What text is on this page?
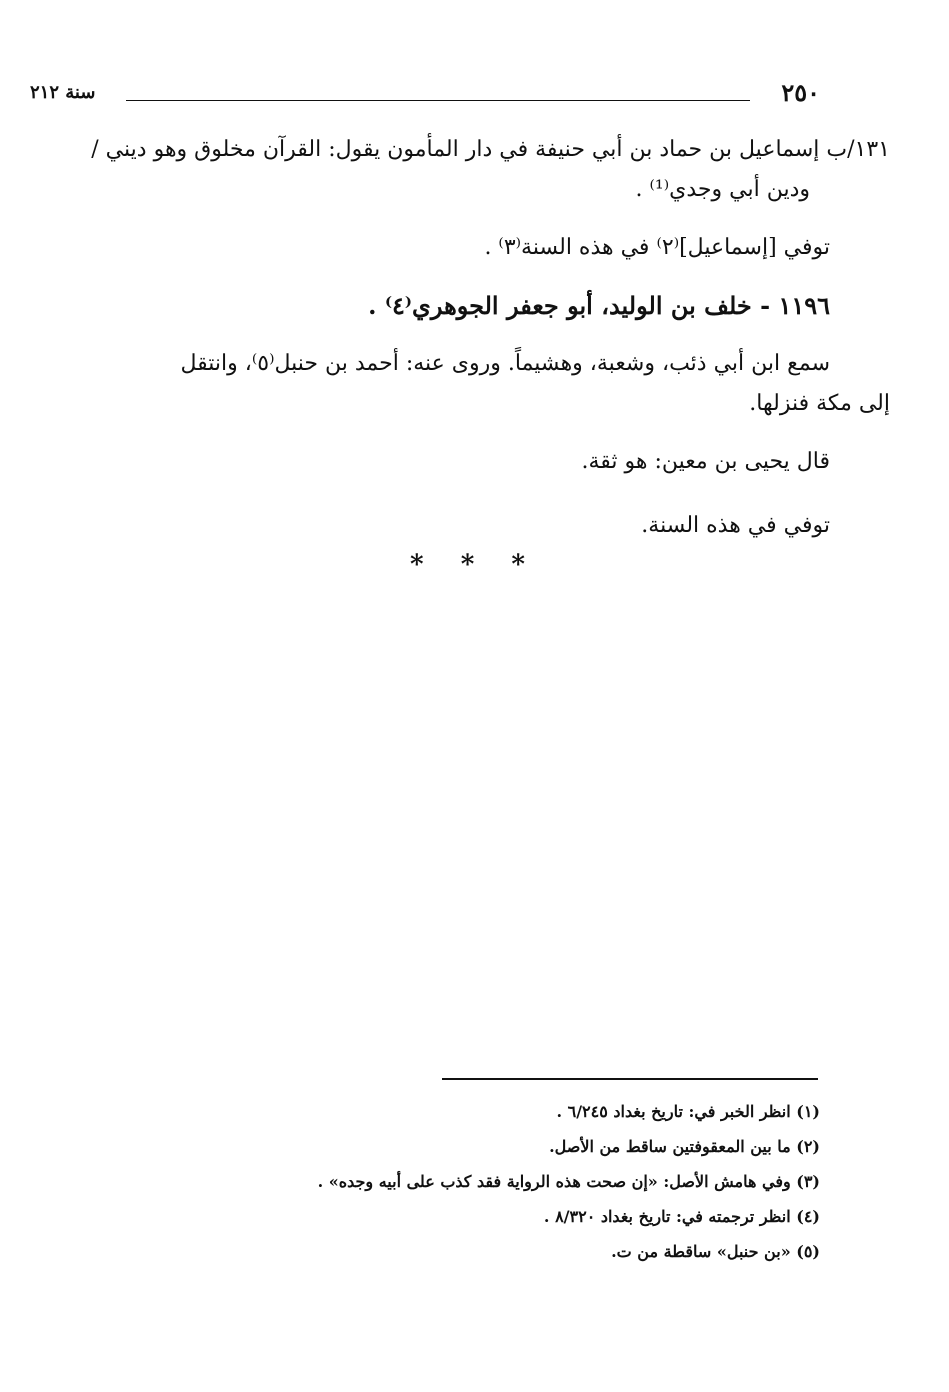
٢٥٠
سنة ٢١٢

١٣١/ب إسماعيل بن حماد بن أبي حنيفة في دار المأمون يقول: القرآن مخلوق وهو ديني /

ودين أبي وجدي⁽¹⁾ .

توفي [إسماعيل]⁽٢⁾ في هذه السنة⁽٣⁾ .

١١٩٦ - خلف بن الوليد، أبو جعفر الجوهري⁽٤⁾ .

سمع ابن أبي ذئب، وشعبة، وهشيماً. وروى عنه: أحمد بن حنبل⁽٥⁾، وانتقل

إلى مكة فنزلها.

قال يحيى بن معين: هو ثقة.

توفي في هذه السنة.

* * *

(١) انظر الخبر في: تاريخ بغداد ٦/٢٤٥ .

(٢) ما بين المعقوفتين ساقط من الأصل.

(٣) وفي هامش الأصل: «إن صحت هذه الرواية فقد كذب على أبيه وجده» .

(٤) انظر ترجمته في: تاريخ بغداد ٨/٣٢٠ .

(٥) «بن حنبل» ساقطة من ت.
